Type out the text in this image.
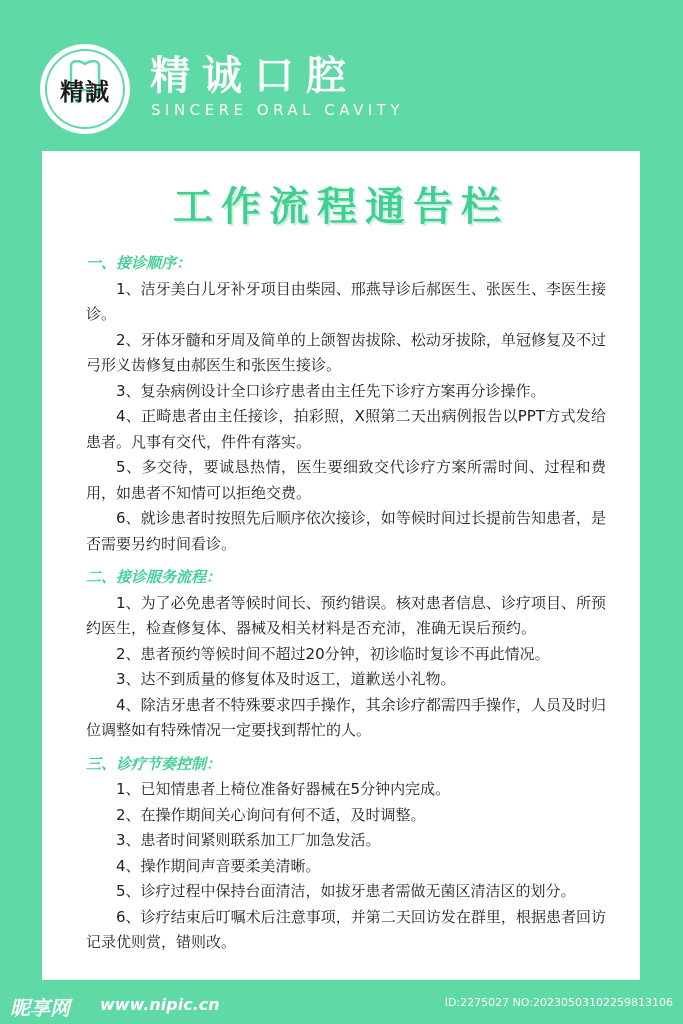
精誠 精诚口腔
SINCERE ORAL CAVITY
工作流程通告栏
一、接诊顺序：
1、洁牙美白儿牙补牙项目由柴园、邢燕导诊后郝医生、张医生、李医生接诊。
2、牙体牙髓和牙周及简单的上颌智齿拔除、松动牙拔除，单冠修复及不过弓形义齿修复由郝医生和张医生接诊。
3、复杂病例设计全口诊疗患者由主任先下诊疗方案再分诊操作。
4、正畸患者由主任接诊，拍彩照，X照第二天出病例报告以PPT方式发给患者。凡事有交代，件件有落实。
5、多交待，要诚恳热情，医生要细致交代诊疗方案所需时间、过程和费用，如患者不知情可以拒绝交费。
6、就诊患者时按照先后顺序依次接诊，如等候时间过长提前告知患者，是否需要另约时间看诊。
二、接诊服务流程：
1、为了必免患者等候时间长、预约错误。核对患者信息、诊疗项目、所预约医生，检查修复体、器械及相关材料是否充沛，准确无误后预约。
2、患者预约等候时间不超过20分钟，初诊临时复诊不再此情况。
3、达不到质量的修复体及时返工，道歉送小礼物。
4、除洁牙患者不特殊要求四手操作，其余诊疗都需四手操作，人员及时归位调整如有特殊情况一定要找到帮忙的人。
三、诊疗节奏控制：
1、已知情患者上椅位准备好器械在5分钟内完成。
2、在操作期间关心询问有何不适，及时调整。
3、患者时间紧则联系加工厂加急发活。
4、操作期间声音要柔美清晰。
5、诊疗过程中保持台面清洁，如拔牙患者需做无菌区清洁区的划分。
6、诊疗结束后叮嘱术后注意事项，并第二天回访发在群里，根据患者回访记录优则赏，错则改。
昵享网 www.nipic.cn	ID:2275027 NO:20230503102259813106
